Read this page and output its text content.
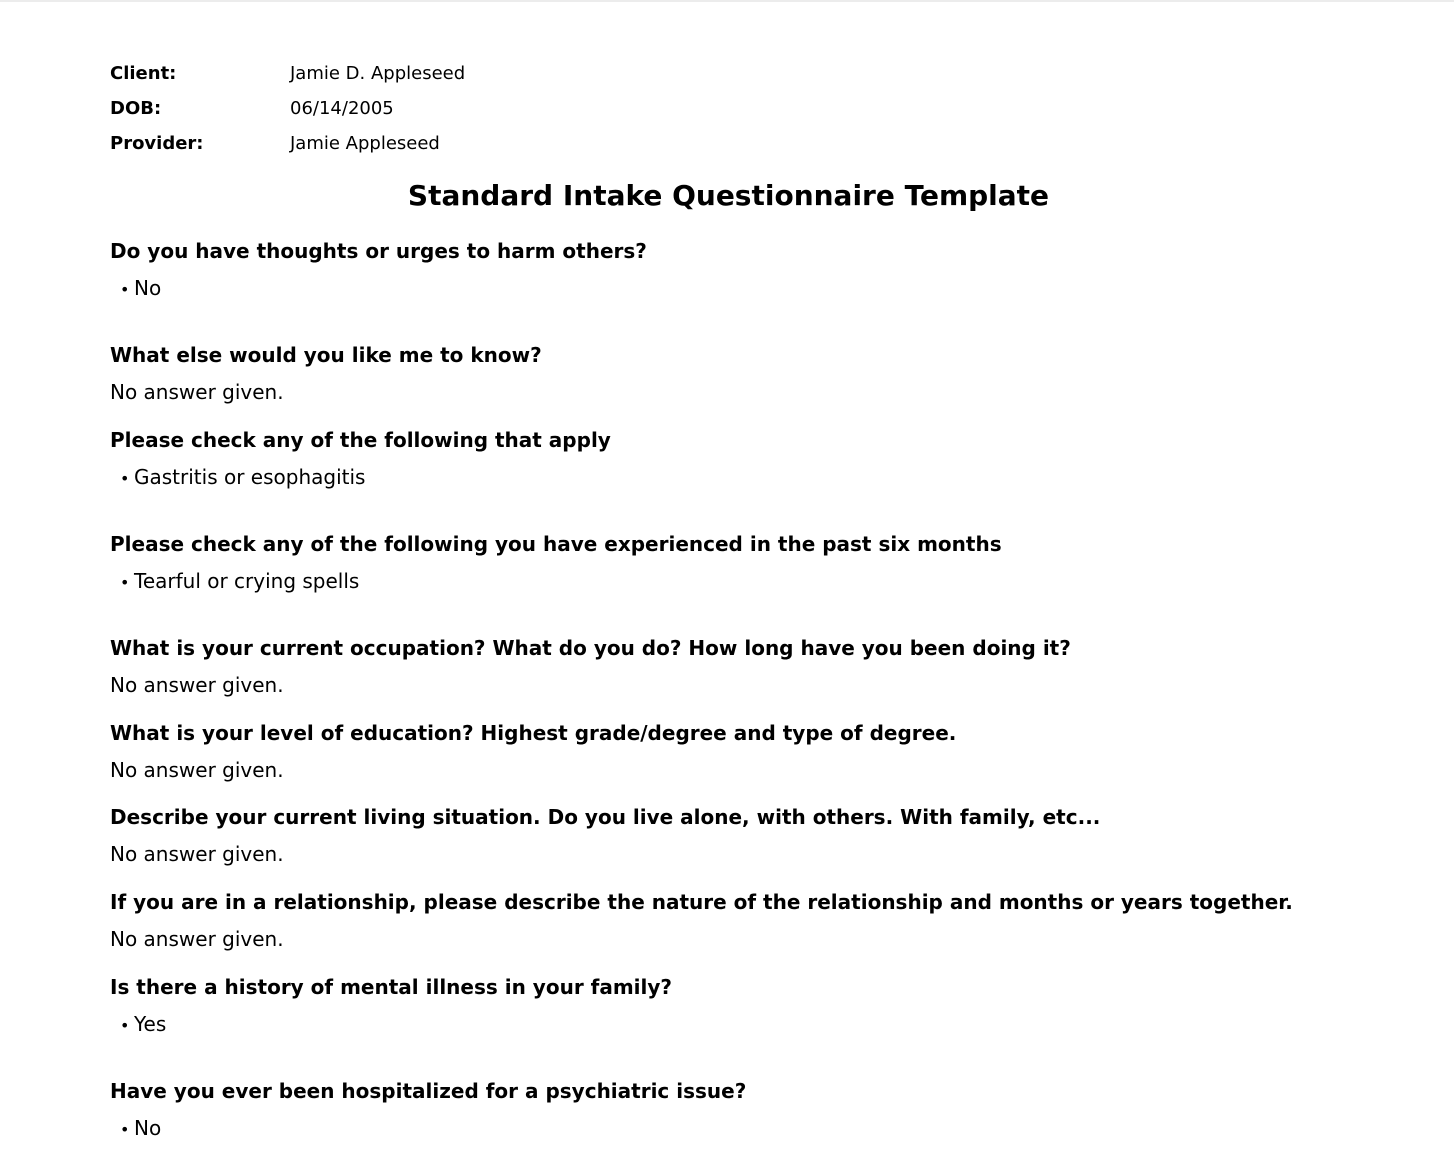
Client:	Jamie D. Appleseed
DOB:	06/14/2005
Provider:	Jamie Appleseed
Standard Intake Questionnaire Template
Do you have thoughts or urges to harm others?
• No
What else would you like me to know?
No answer given.
Please check any of the following that apply
• Gastritis or esophagitis
Please check any of the following you have experienced in the past six months
• Tearful or crying spells
What is your current occupation? What do you do? How long have you been doing it?
No answer given.
What is your level of education? Highest grade/degree and type of degree.
No answer given.
Describe your current living situation. Do you live alone, with others. With family, etc...
No answer given.
If you are in a relationship, please describe the nature of the relationship and months or years together.
No answer given.
Is there a history of mental illness in your family?
• Yes
Have you ever been hospitalized for a psychiatric issue?
• No
